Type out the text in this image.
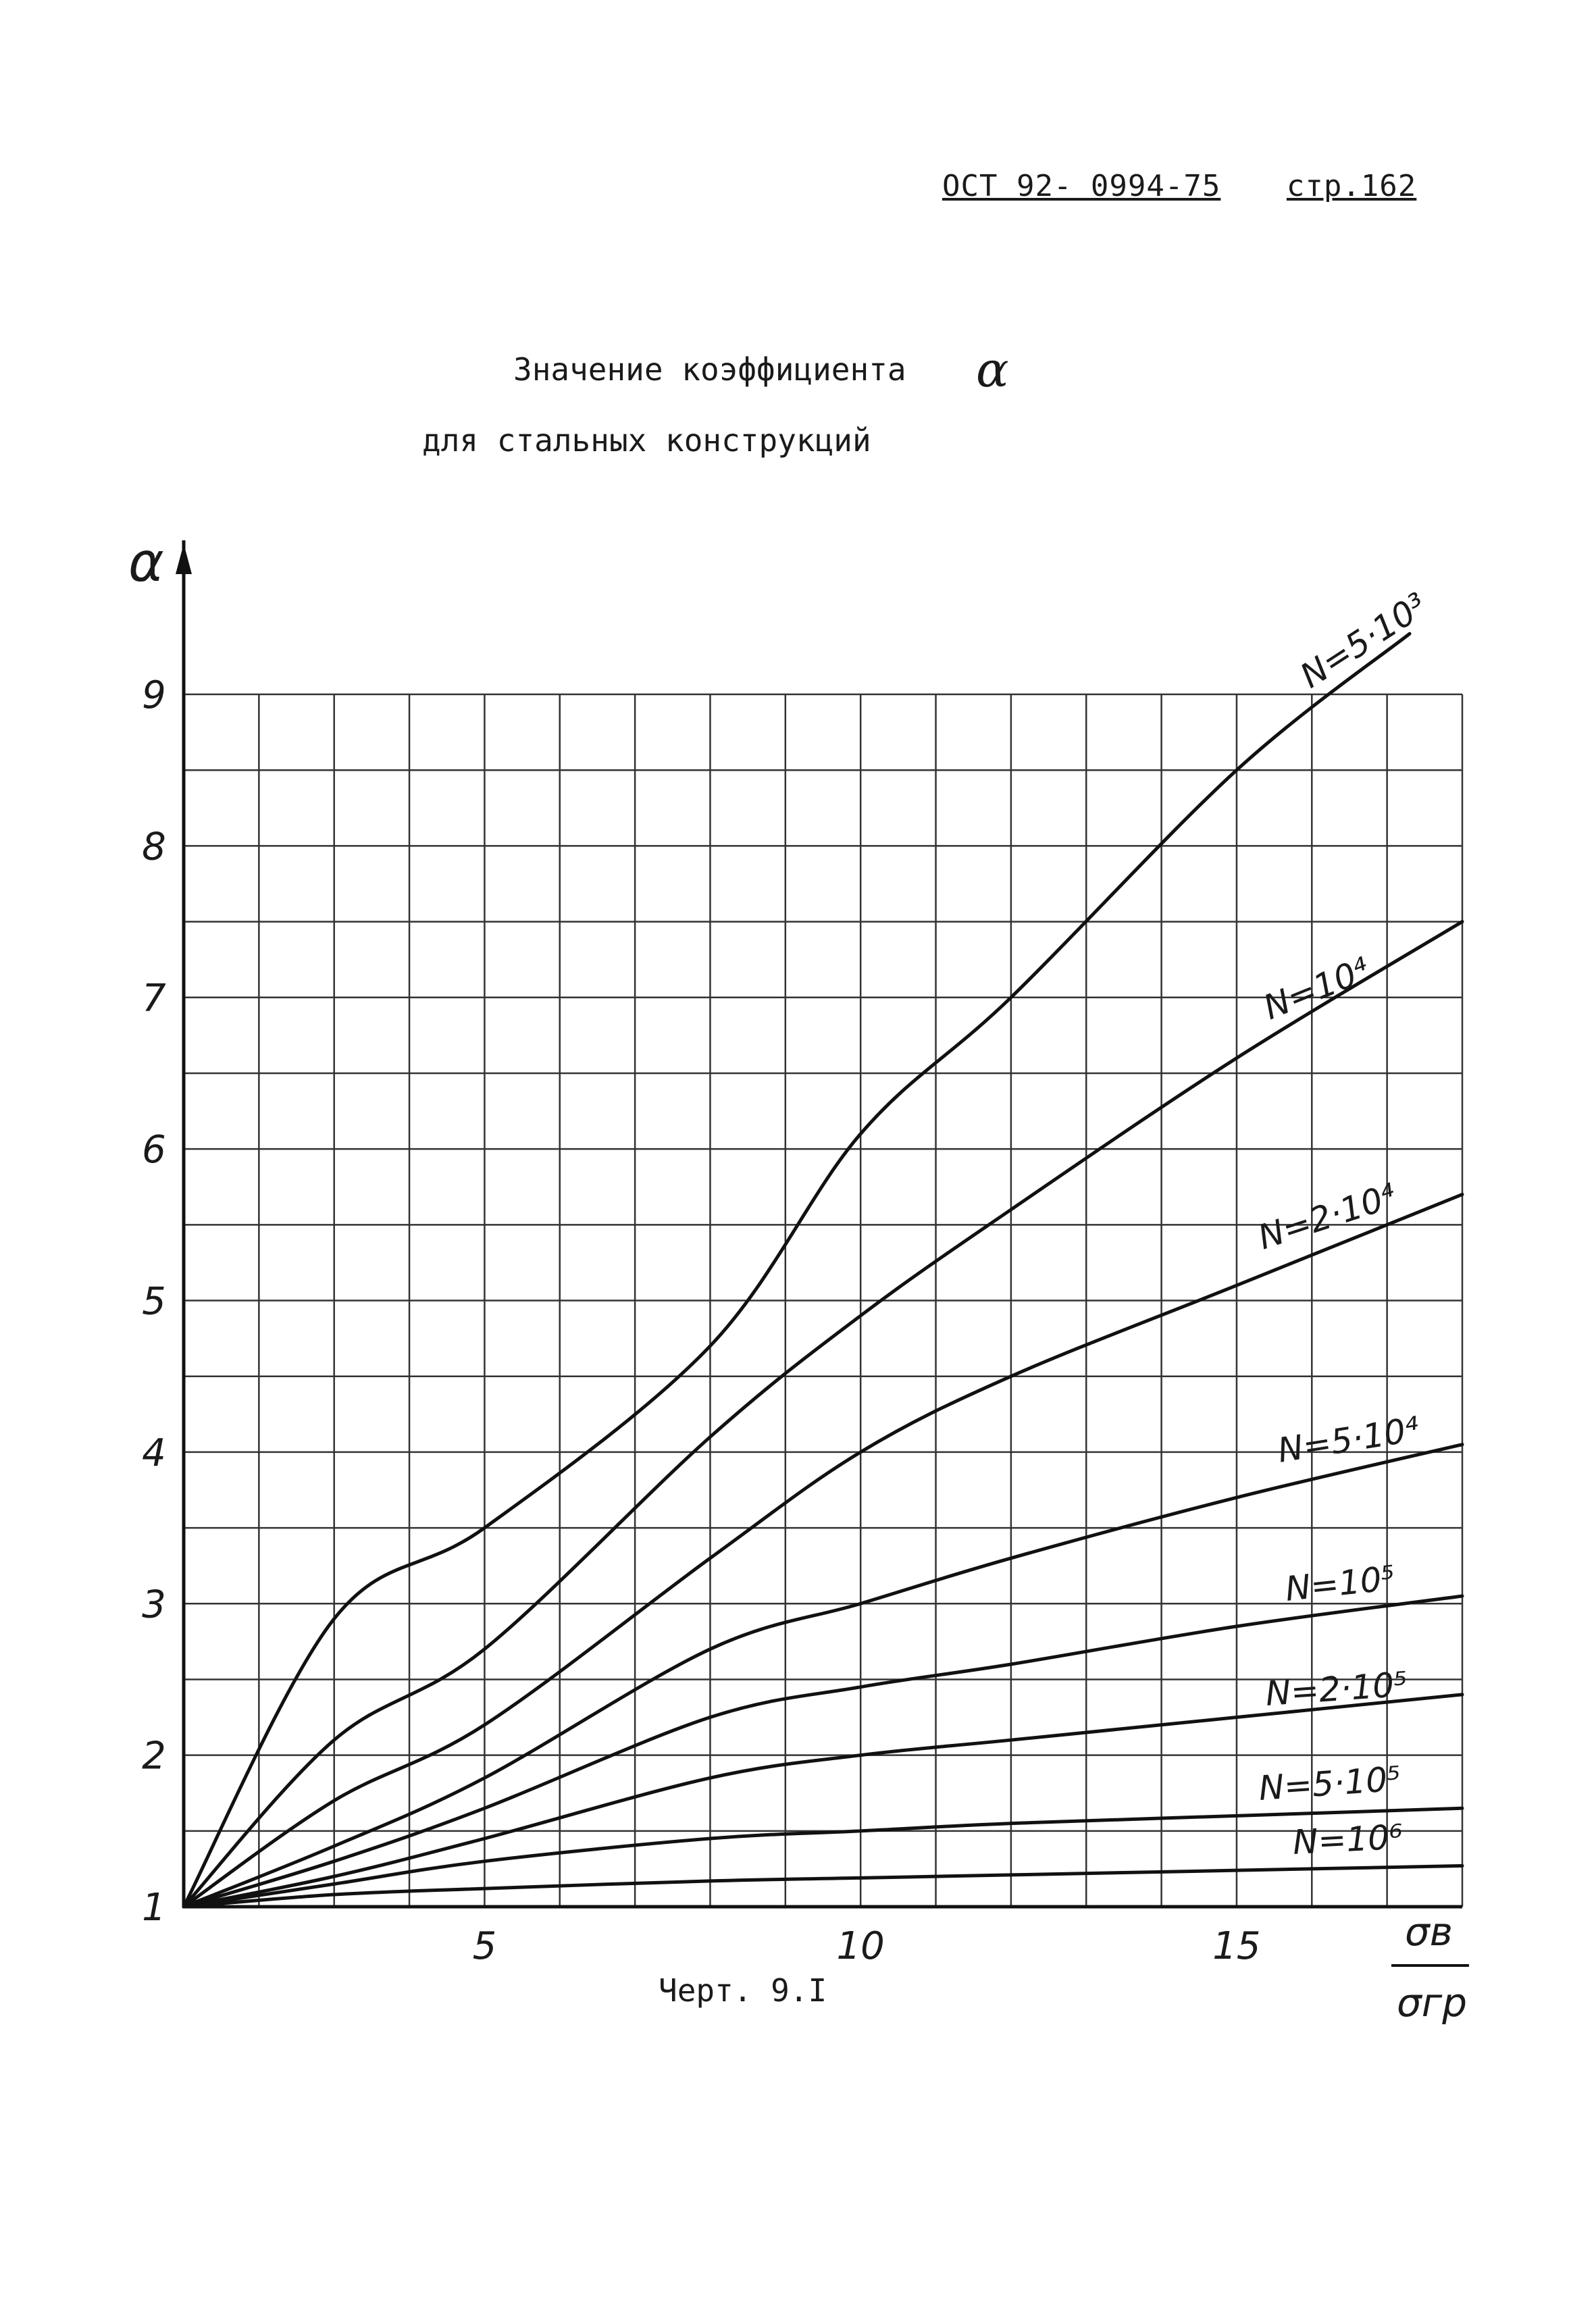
ОСТ 92- 0994-75 стр.162
Значение коэффициента α
для стальных конструкций
α
σв
σгр
1
2
3
4
5
6
7
8
9
5	10	15
N=5·10³
N=10⁴
N=2·10⁴
N=5·10⁴
N=10⁵
N=2·10⁵
N=5·10⁵
N=10⁶
Черт. 9.I
